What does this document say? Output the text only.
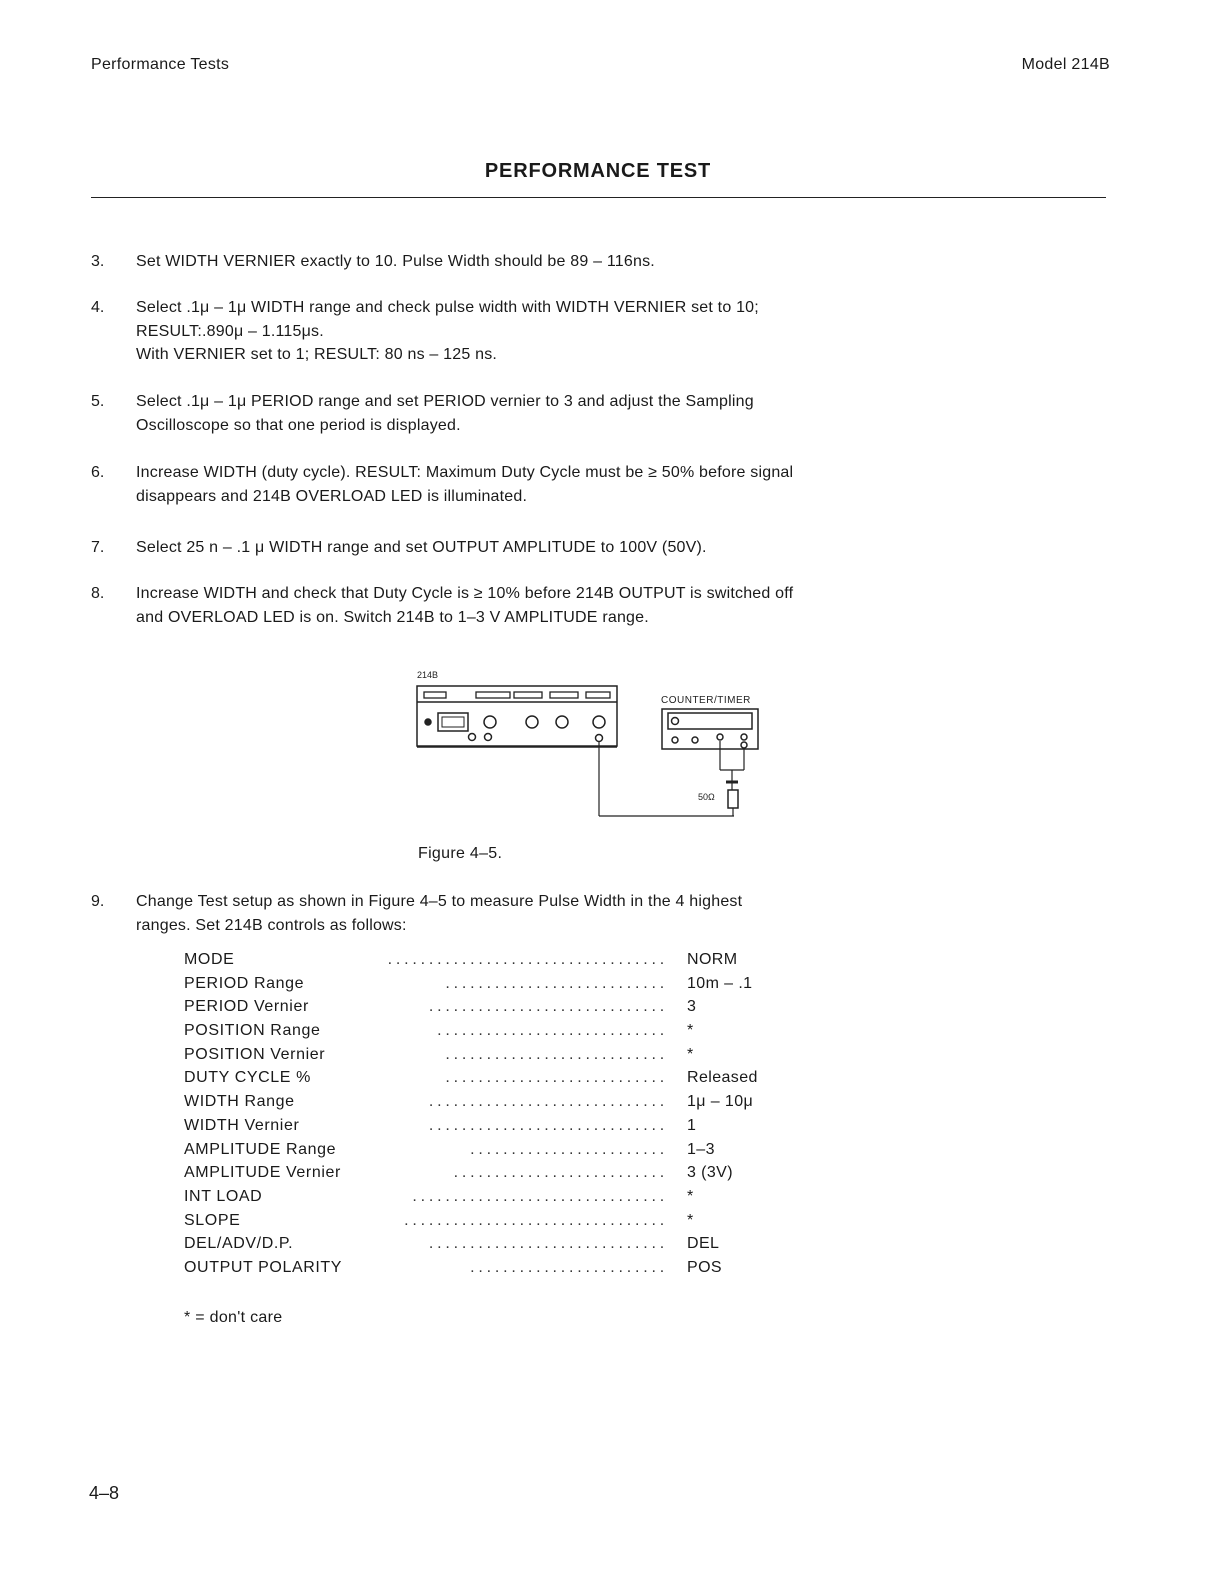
Performance Tests	Model 214B
PERFORMANCE TEST
3.	Set WIDTH VERNIER exactly to 10. Pulse Width should be 89 – 116ns.
4.	Select .1μ – 1μ WIDTH range and check pulse width with WIDTH VERNIER set to 10;
RESULT:.890μ – 1.115μs.
With VERNIER set to 1; RESULT: 80 ns – 125 ns.
5.	Select .1μ – 1μ PERIOD range and set PERIOD vernier to 3 and adjust the Sampling
Oscilloscope so that one period is displayed.
6.	Increase WIDTH (duty cycle). RESULT: Maximum Duty Cycle must be ≥ 50% before signal
disappears and 214B OVERLOAD LED is illuminated.
7.	Select 25 n – .1 μ WIDTH range and set OUTPUT AMPLITUDE to 100V (50V).
8.	Increase WIDTH and check that Duty Cycle is ≥ 10% before 214B OUTPUT is switched off
and OVERLOAD LED is on. Switch 214B to 1–3 V AMPLITUDE range.
214B
COUNTER/TIMER
50Ω
Figure 4–5.
9.	Change Test setup as shown in Figure 4–5 to measure Pulse Width in the 4 highest
ranges. Set 214B controls as follows:
MODE	.................................. NORM
PERIOD Range	........................... 10m – .1
PERIOD Vernier	............................. 3
POSITION Range	............................ *
POSITION Vernier	........................... *
DUTY CYCLE %	........................... Released
WIDTH Range	............................. 1μ – 10μ
WIDTH Vernier	............................. 1
AMPLITUDE Range	........................ 1–3
AMPLITUDE Vernier	.......................... 3 (3V)
INT LOAD	............................... *
SLOPE	................................ *
DEL/ADV/D.P.	............................. DEL
OUTPUT POLARITY	........................ POS
* = don't care
4–8
